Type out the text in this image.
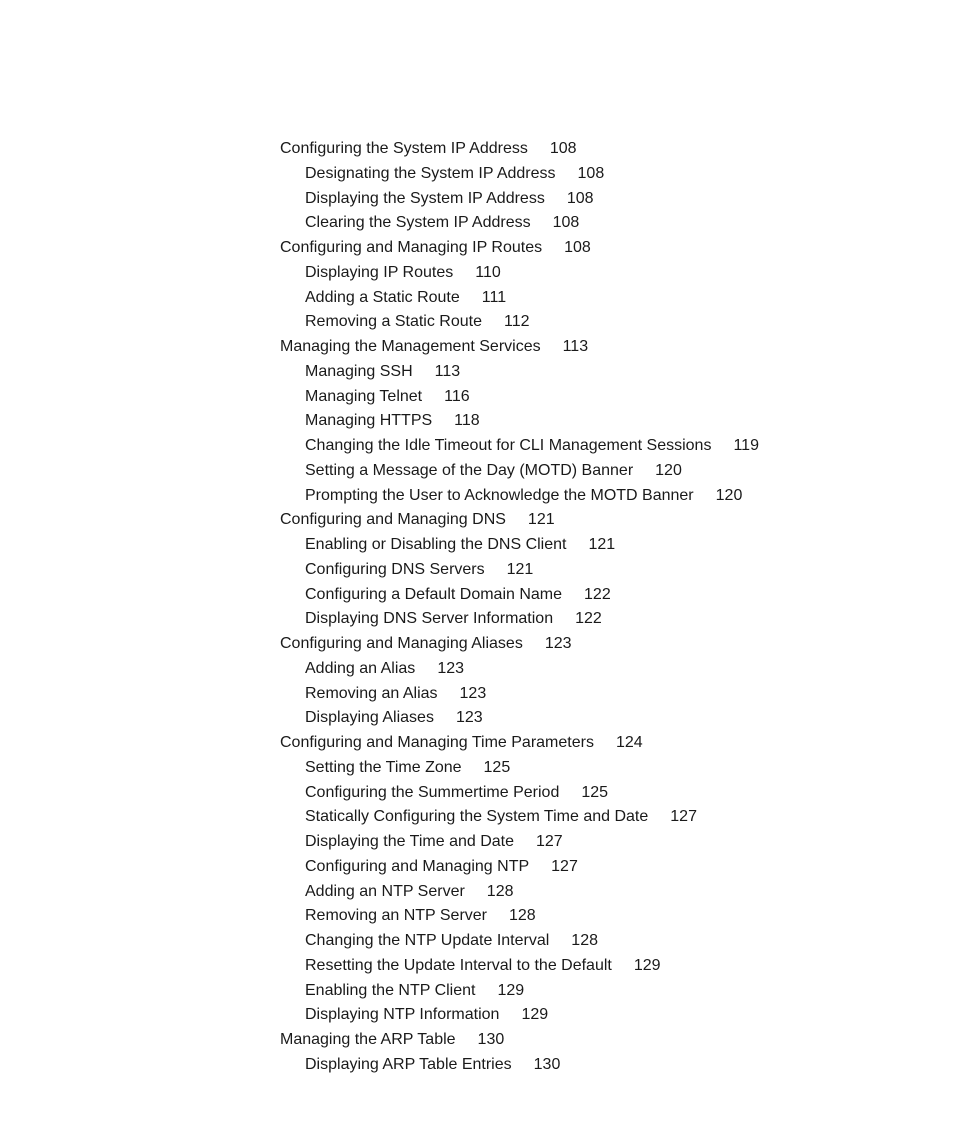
Configuring the System IP Address 108
Designating the System IP Address 108
Displaying the System IP Address 108
Clearing the System IP Address 108
Configuring and Managing IP Routes 108
Displaying IP Routes 110
Adding a Static Route 111
Removing a Static Route 112
Managing the Management Services 113
Managing SSH 113
Managing Telnet 116
Managing HTTPS 118
Changing the Idle Timeout for CLI Management Sessions 119
Setting a Message of the Day (MOTD) Banner 120
Prompting the User to Acknowledge the MOTD Banner 120
Configuring and Managing DNS 121
Enabling or Disabling the DNS Client 121
Configuring DNS Servers 121
Configuring a Default Domain Name 122
Displaying DNS Server Information 122
Configuring and Managing Aliases 123
Adding an Alias 123
Removing an Alias 123
Displaying Aliases 123
Configuring and Managing Time Parameters 124
Setting the Time Zone 125
Configuring the Summertime Period 125
Statically Configuring the System Time and Date 127
Displaying the Time and Date 127
Configuring and Managing NTP 127
Adding an NTP Server 128
Removing an NTP Server 128
Changing the NTP Update Interval 128
Resetting the Update Interval to the Default 129
Enabling the NTP Client 129
Displaying NTP Information 129
Managing the ARP Table 130
Displaying ARP Table Entries 130
